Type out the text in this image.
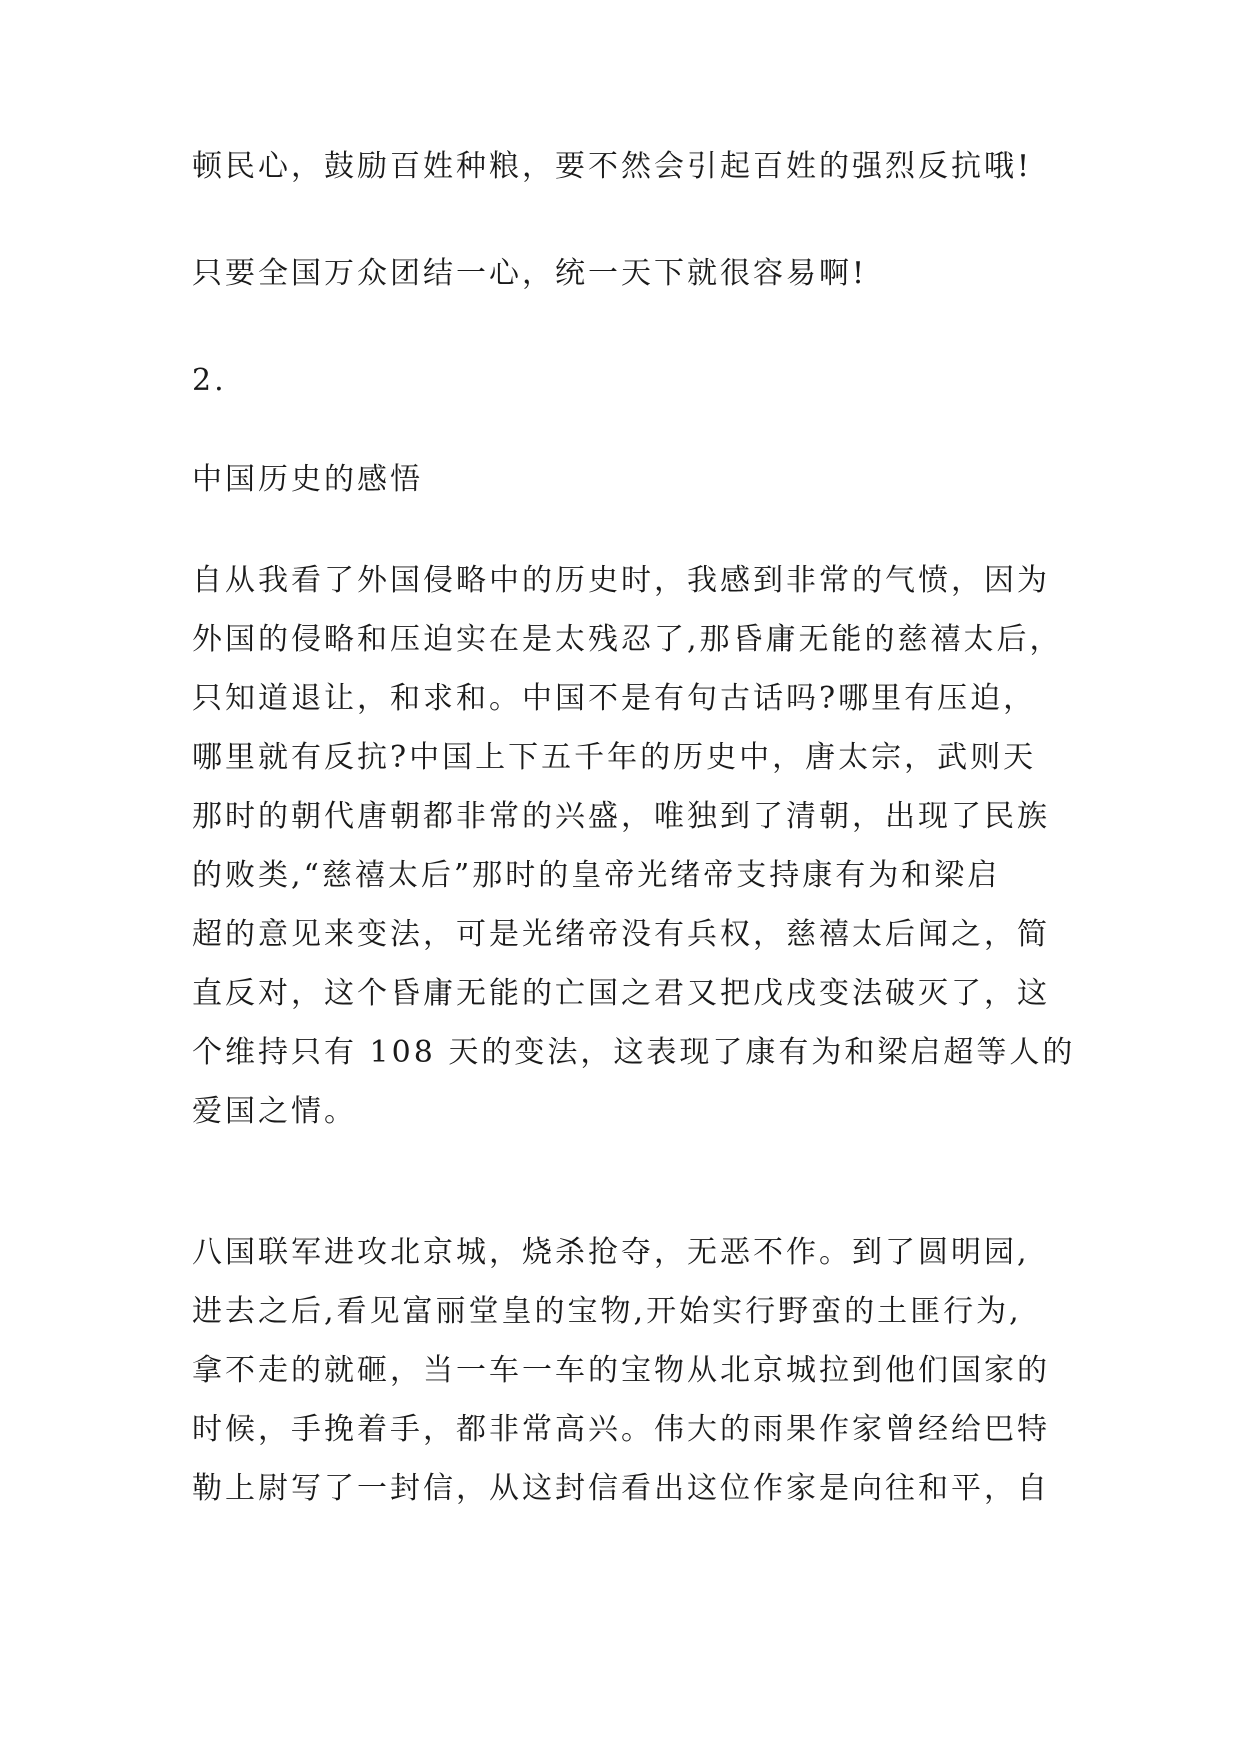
顿民心，鼓励百姓种粮，要不然会引起百姓的强烈反抗哦!
只要全国万众团结一心，统一天下就很容易啊!
2.
中国历史的感悟
自从我看了外国侵略中的历史时，我感到非常的气愤，因为
外国的侵略和压迫实在是太残忍了,那昏庸无能的慈禧太后，
只知道退让，和求和。中国不是有句古话吗?哪里有压迫，
哪里就有反抗?中国上下五千年的历史中，唐太宗，武则天
那时的朝代唐朝都非常的兴盛，唯独到了清朝，出现了民族
的败类,“慈禧太后”那时的皇帝光绪帝支持康有为和梁启
超的意见来变法，可是光绪帝没有兵权，慈禧太后闻之，简
直反对，这个昏庸无能的亡国之君又把戊戌变法破灭了，这
个维持只有 108 天的变法，这表现了康有为和梁启超等人的
爱国之情。
八国联军进攻北京城，烧杀抢夺，无恶不作。到了圆明园,
进去之后,看见富丽堂皇的宝物,开始实行野蛮的土匪行为,
拿不走的就砸，当一车一车的宝物从北京城拉到他们国家的
时候，手挽着手，都非常高兴。伟大的雨果作家曾经给巴特
勒上尉写了一封信，从这封信看出这位作家是向往和平，自
